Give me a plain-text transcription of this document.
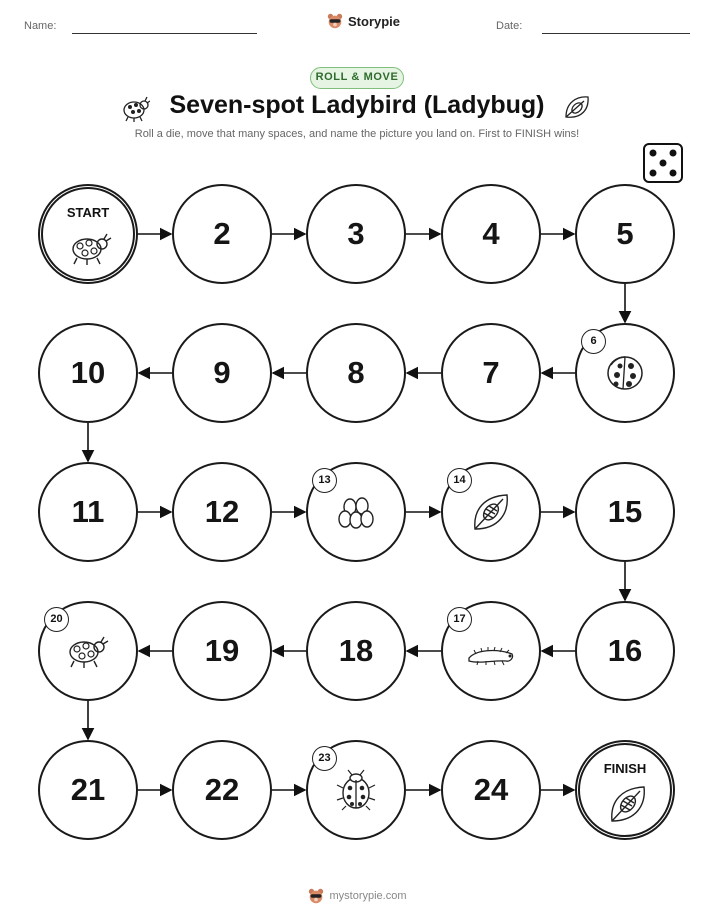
Name:	Storypie	Date:
ROLL & MOVE
Seven-spot Ladybird (Ladybug)
Roll a die, move that many spaces, and name the picture you land on. First to FINISH wins!
START
2	3	4	5
6
7
8
9
10
11	12
13	14
15
16
17
18
19
20
21	22
23
24
FINISH
mystorypie.com
